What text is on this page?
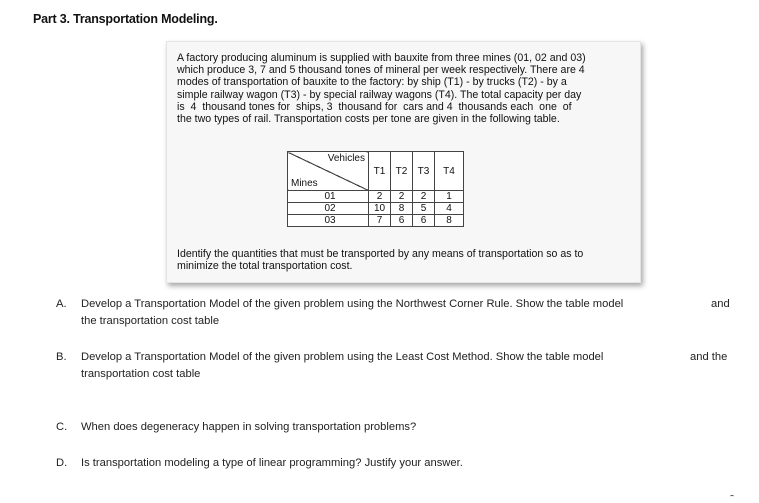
Part 3. Transportation Modeling.
A factory producing aluminum is supplied with bauxite from three mines (01, 02 and 03)
which produce 3, 7 and 5 thousand tones of mineral per week respectively. There are 4
modes of transportation of bauxite to the factory: by ship (T1) - by trucks (T2) - by a
simple railway wagon (T3) - by special railway wagons (T4). The total capacity per day
is  4  thousand tones for  ships, 3  thousand for  cars and 4  thousands each  one  of
the two types of rail. Transportation costs per tone are given in the following table.
Vehicles
Mines	T1	T2	T3	T4
01	2	2	2	1
02	10	8	5	4
03	7	6	6	8
Identify the quantities that must be transported by any means of transportation so as to
minimize the total transportation cost.
A. Develop a Transportation Model of the given problem using the Northwest Corner Rule. Show the table model
the transportation cost table
and
B. Develop a Transportation Model of the given problem using the Least Cost Method. Show the table model
transportation cost table
and the
C. When does degeneracy happen in solving transportation problems?
D. Is transportation modeling a type of linear programming? Justify your answer.
